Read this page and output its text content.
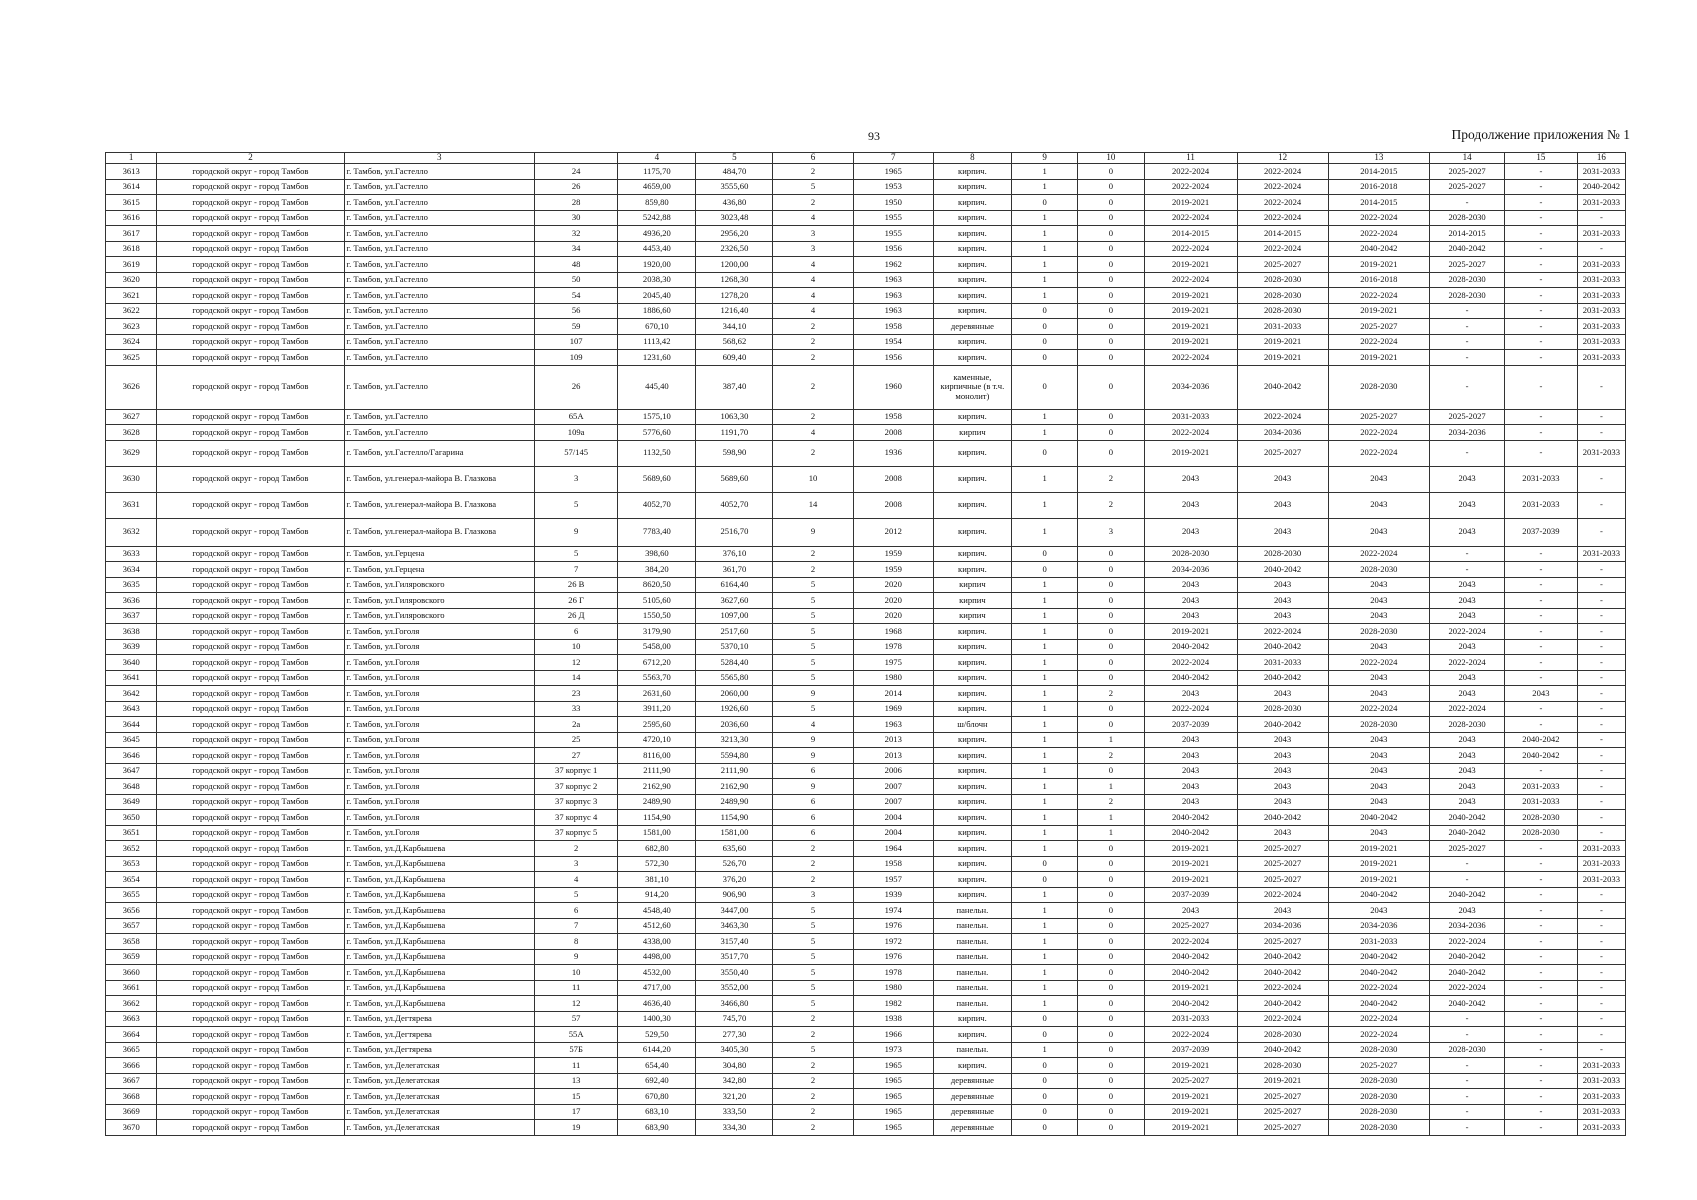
93	Продолжение приложения № 1
1	2	3		4	5	6	7	8	9	10	11	12	13	14	15	16
3613	городской округ - город Тамбов	г. Тамбов, ул.Гастелло	24	1175,70	484,70	2	1965	кирпич.	1	0	2022-2024	2022-2024	2014-2015	2025-2027	-	2031-2033
3614	городской округ - город Тамбов	г. Тамбов, ул.Гастелло	26	4659,00	3555,60	5	1953	кирпич.	1	0	2022-2024	2022-2024	2016-2018	2025-2027	-	2040-2042
3615	городской округ - город Тамбов	г. Тамбов, ул.Гастелло	28	859,80	436,80	2	1950	кирпич.	0	0	2019-2021	2022-2024	2014-2015	-	-	2031-2033
3616	городской округ - город Тамбов	г. Тамбов, ул.Гастелло	30	5242,88	3023,48	4	1955	кирпич.	1	0	2022-2024	2022-2024	2022-2024	2028-2030	-	-
3617	городской округ - город Тамбов	г. Тамбов, ул.Гастелло	32	4936,20	2956,20	3	1955	кирпич.	1	0	2014-2015	2014-2015	2022-2024	2014-2015	-	2031-2033
3618	городской округ - город Тамбов	г. Тамбов, ул.Гастелло	34	4453,40	2326,50	3	1956	кирпич.	1	0	2022-2024	2022-2024	2040-2042	2040-2042	-	-
3619	городской округ - город Тамбов	г. Тамбов, ул.Гастелло	48	1920,00	1200,00	4	1962	кирпич.	1	0	2019-2021	2025-2027	2019-2021	2025-2027	-	2031-2033
3620	городской округ - город Тамбов	г. Тамбов, ул.Гастелло	50	2038,30	1268,30	4	1963	кирпич.	1	0	2022-2024	2028-2030	2016-2018	2028-2030	-	2031-2033
3621	городской округ - город Тамбов	г. Тамбов, ул.Гастелло	54	2045,40	1278,20	4	1963	кирпич.	1	0	2019-2021	2028-2030	2022-2024	2028-2030	-	2031-2033
3622	городской округ - город Тамбов	г. Тамбов, ул.Гастелло	56	1886,60	1216,40	4	1963	кирпич.	0	0	2019-2021	2028-2030	2019-2021	-	-	2031-2033
3623	городской округ - город Тамбов	г. Тамбов, ул.Гастелло	59	670,10	344,10	2	1958	деревянные	0	0	2019-2021	2031-2033	2025-2027	-	-	2031-2033
3624	городской округ - город Тамбов	г. Тамбов, ул.Гастелло	107	1113,42	568,62	2	1954	кирпич.	0	0	2019-2021	2019-2021	2022-2024	-	-	2031-2033
3625	городской округ - город Тамбов	г. Тамбов, ул.Гастелло	109	1231,60	609,40	2	1956	кирпич.	0	0	2022-2024	2019-2021	2019-2021	-	-	2031-2033
3626	городской округ - город Тамбов	г. Тамбов, ул.Гастелло	26	445,40	387,40	2	1960	каменные, кирпичные (в т.ч. монолит)	0	0	2034-2036	2040-2042	2028-2030	-	-	-
3627	городской округ - город Тамбов	г. Тамбов, ул.Гастелло	65А	1575,10	1063,30	2	1958	кирпич.	1	0	2031-2033	2022-2024	2025-2027	2025-2027	-	-
3628	городской округ - город Тамбов	г. Тамбов, ул.Гастелло	109а	5776,60	1191,70	4	2008	кирпич	1	0	2022-2024	2034-2036	2022-2024	2034-2036	-	-
3629	городской округ - город Тамбов	г. Тамбов, ул.Гастелло/Гагарина	57/145	1132,50	598,90	2	1936	кирпич.	0	0	2019-2021	2025-2027	2022-2024	-	-	2031-2033
3630	городской округ - город Тамбов	г. Тамбов, ул.генерал-майора В. Глазкова	3	5689,60	5689,60	10	2008	кирпич.	1	2	2043	2043	2043	2043	2031-2033	-
3631	городской округ - город Тамбов	г. Тамбов, ул.генерал-майора В. Глазкова	5	4052,70	4052,70	14	2008	кирпич.	1	2	2043	2043	2043	2043	2031-2033	-
3632	городской округ - город Тамбов	г. Тамбов, ул.генерал-майора В. Глазкова	9	7783,40	2516,70	9	2012	кирпич.	1	3	2043	2043	2043	2043	2037-2039	-
3633	городской округ - город Тамбов	г. Тамбов, ул.Герцена	5	398,60	376,10	2	1959	кирпич.	0	0	2028-2030	2028-2030	2022-2024	-	-	2031-2033
3634	городской округ - город Тамбов	г. Тамбов, ул.Герцена	7	384,20	361,70	2	1959	кирпич.	0	0	2034-2036	2040-2042	2028-2030	-	-	-
3635	городской округ - город Тамбов	г. Тамбов, ул.Гиляровского	26 В	8620,50	6164,40	5	2020	кирпич	1	0	2043	2043	2043	2043	-	-
3636	городской округ - город Тамбов	г. Тамбов, ул.Гиляровского	26 Г	5105,60	3627,60	5	2020	кирпич	1	0	2043	2043	2043	2043	-	-
3637	городской округ - город Тамбов	г. Тамбов, ул.Гиляровского	26 Д	1550,50	1097,00	5	2020	кирпич	1	0	2043	2043	2043	2043	-	-
3638	городской округ - город Тамбов	г. Тамбов, ул.Гоголя	6	3179,90	2517,60	5	1968	кирпич.	1	0	2019-2021	2022-2024	2028-2030	2022-2024	-	-
3639	городской округ - город Тамбов	г. Тамбов, ул.Гоголя	10	5458,00	5370,10	5	1978	кирпич.	1	0	2040-2042	2040-2042	2043	2043	-	-
3640	городской округ - город Тамбов	г. Тамбов, ул.Гоголя	12	6712,20	5284,40	5	1975	кирпич.	1	0	2022-2024	2031-2033	2022-2024	2022-2024	-	-
3641	городской округ - город Тамбов	г. Тамбов, ул.Гоголя	14	5563,70	5565,80	5	1980	кирпич.	1	0	2040-2042	2040-2042	2043	2043	-	-
3642	городской округ - город Тамбов	г. Тамбов, ул.Гоголя	23	2631,60	2060,00	9	2014	кирпич.	1	2	2043	2043	2043	2043	2043	-
3643	городской округ - город Тамбов	г. Тамбов, ул.Гоголя	33	3911,20	1926,60	5	1969	кирпич.	1	0	2022-2024	2028-2030	2022-2024	2022-2024	-	-
3644	городской округ - город Тамбов	г. Тамбов, ул.Гоголя	2а	2595,60	2036,60	4	1963	ш/блочн	1	0	2037-2039	2040-2042	2028-2030	2028-2030	-	-
3645	городской округ - город Тамбов	г. Тамбов, ул.Гоголя	25	4720,10	3213,30	9	2013	кирпич.	1	1	2043	2043	2043	2043	2040-2042	-
3646	городской округ - город Тамбов	г. Тамбов, ул.Гоголя	27	8116,00	5594,80	9	2013	кирпич.	1	2	2043	2043	2043	2043	2040-2042	-
3647	городской округ - город Тамбов	г. Тамбов, ул.Гоголя	37 корпус 1	2111,90	2111,90	6	2006	кирпич.	1	0	2043	2043	2043	2043	-	-
3648	городской округ - город Тамбов	г. Тамбов, ул.Гоголя	37 корпус 2	2162,90	2162,90	9	2007	кирпич.	1	1	2043	2043	2043	2043	2031-2033	-
3649	городской округ - город Тамбов	г. Тамбов, ул.Гоголя	37 корпус 3	2489,90	2489,90	6	2007	кирпич.	1	2	2043	2043	2043	2043	2031-2033	-
3650	городской округ - город Тамбов	г. Тамбов, ул.Гоголя	37 корпус 4	1154,90	1154,90	6	2004	кирпич.	1	1	2040-2042	2040-2042	2040-2042	2040-2042	2028-2030	-
3651	городской округ - город Тамбов	г. Тамбов, ул.Гоголя	37 корпус 5	1581,00	1581,00	6	2004	кирпич.	1	1	2040-2042	2043	2043	2040-2042	2028-2030	-
3652	городской округ - город Тамбов	г. Тамбов, ул.Д.Карбышева	2	682,80	635,60	2	1964	кирпич.	1	0	2019-2021	2025-2027	2019-2021	2025-2027	-	2031-2033
3653	городской округ - город Тамбов	г. Тамбов, ул.Д.Карбышева	3	572,30	526,70	2	1958	кирпич.	0	0	2019-2021	2025-2027	2019-2021	-	-	2031-2033
3654	городской округ - город Тамбов	г. Тамбов, ул.Д.Карбышева	4	381,10	376,20	2	1957	кирпич.	0	0	2019-2021	2025-2027	2019-2021	-	-	2031-2033
3655	городской округ - город Тамбов	г. Тамбов, ул.Д.Карбышева	5	914,20	906,90	3	1939	кирпич.	1	0	2037-2039	2022-2024	2040-2042	2040-2042	-	-
3656	городской округ - город Тамбов	г. Тамбов, ул.Д.Карбышева	6	4548,40	3447,00	5	1974	панельн.	1	0	2043	2043	2043	2043	-	-
3657	городской округ - город Тамбов	г. Тамбов, ул.Д.Карбышева	7	4512,60	3463,30	5	1976	панельн.	1	0	2025-2027	2034-2036	2034-2036	2034-2036	-	-
3658	городской округ - город Тамбов	г. Тамбов, ул.Д.Карбышева	8	4338,00	3157,40	5	1972	панельн.	1	0	2022-2024	2025-2027	2031-2033	2022-2024	-	-
3659	городской округ - город Тамбов	г. Тамбов, ул.Д.Карбышева	9	4498,00	3517,70	5	1976	панельн.	1	0	2040-2042	2040-2042	2040-2042	2040-2042	-	-
3660	городской округ - город Тамбов	г. Тамбов, ул.Д.Карбышева	10	4532,00	3550,40	5	1978	панельн.	1	0	2040-2042	2040-2042	2040-2042	2040-2042	-	-
3661	городской округ - город Тамбов	г. Тамбов, ул.Д.Карбышева	11	4717,00	3552,00	5	1980	панельн.	1	0	2019-2021	2022-2024	2022-2024	2022-2024	-	-
3662	городской округ - город Тамбов	г. Тамбов, ул.Д.Карбышева	12	4636,40	3466,80	5	1982	панельн.	1	0	2040-2042	2040-2042	2040-2042	2040-2042	-	-
3663	городской округ - город Тамбов	г. Тамбов, ул.Дегтярева	57	1400,30	745,70	2	1938	кирпич.	0	0	2031-2033	2022-2024	2022-2024	-	-	-
3664	городской округ - город Тамбов	г. Тамбов, ул.Дегтярева	55А	529,50	277,30	2	1966	кирпич.	0	0	2022-2024	2028-2030	2022-2024	-	-	-
3665	городской округ - город Тамбов	г. Тамбов, ул.Дегтярева	57Б	6144,20	3405,30	5	1973	панельн.	1	0	2037-2039	2040-2042	2028-2030	2028-2030	-	-
3666	городской округ - город Тамбов	г. Тамбов, ул.Делегатская	11	654,40	304,80	2	1965	кирпич.	0	0	2019-2021	2028-2030	2025-2027	-	-	2031-2033
3667	городской округ - город Тамбов	г. Тамбов, ул.Делегатская	13	692,40	342,80	2	1965	деревянные	0	0	2025-2027	2019-2021	2028-2030	-	-	2031-2033
3668	городской округ - город Тамбов	г. Тамбов, ул.Делегатская	15	670,80	321,20	2	1965	деревянные	0	0	2019-2021	2025-2027	2028-2030	-	-	2031-2033
3669	городской округ - город Тамбов	г. Тамбов, ул.Делегатская	17	683,10	333,50	2	1965	деревянные	0	0	2019-2021	2025-2027	2028-2030	-	-	2031-2033
3670	городской округ - город Тамбов	г. Тамбов, ул.Делегатская	19	683,90	334,30	2	1965	деревянные	0	0	2019-2021	2025-2027	2028-2030	-	-	2031-2033
